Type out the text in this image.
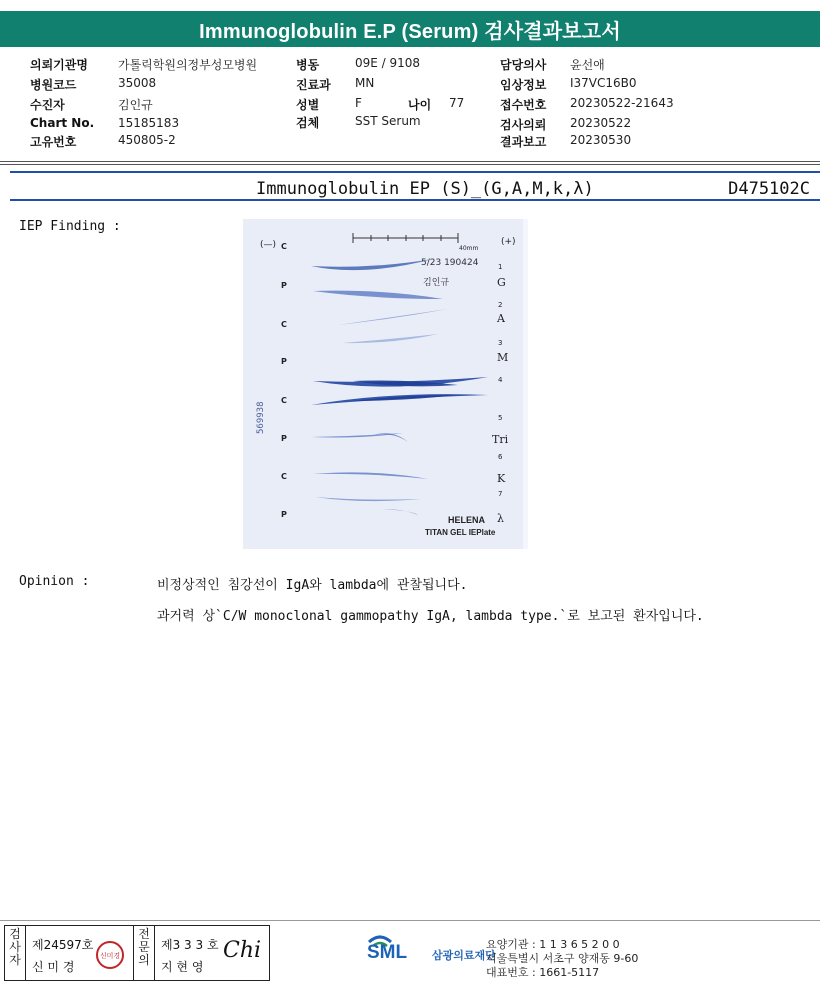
Immunoglobulin E.P (Serum) 검사결과보고서
의뢰기관명	가톨릭학원의정부성모병원
병원코드	35008
수진자	김인규
Chart No. 15185183
고유번호	450805-2
병동	09E / 9108
진료과 MN
성별	F	나이 77
검체	SST Serum
담당의사 윤선애
임상정보 I37VC16B0
접수번호 20230522-21643
검사의뢰 20230522
결과보고 20230530
Immunoglobulin EP (S)_(G,A,M,k,λ)	D475102C
IEP Finding :
(—)	(+)
40mm
5/23 190424
김인규
C
P
C
P
C
P
C
P
1
2
3
4
5
6
7
G
A
M
Tri
K
λ
569938
HELENA
TITAN GEL IEPlate
Opinion :	비정상적인 침강선이 IgA와 lambda에 관찰됩니다.
과거력 상`C/W monoclonal gammopathy IgA, lambda type.`로 보고된 환자입니다.
검사자
제24597호
신 미 경
신미경
전문의
제3 3 3 호
지 현 영
Chi	SML 삼광의료재단
요양기관 : 1 1 3 6 5 2 0 0
서울특별시 서초구 양재동 9-60
대표번호 : 1661-5117
